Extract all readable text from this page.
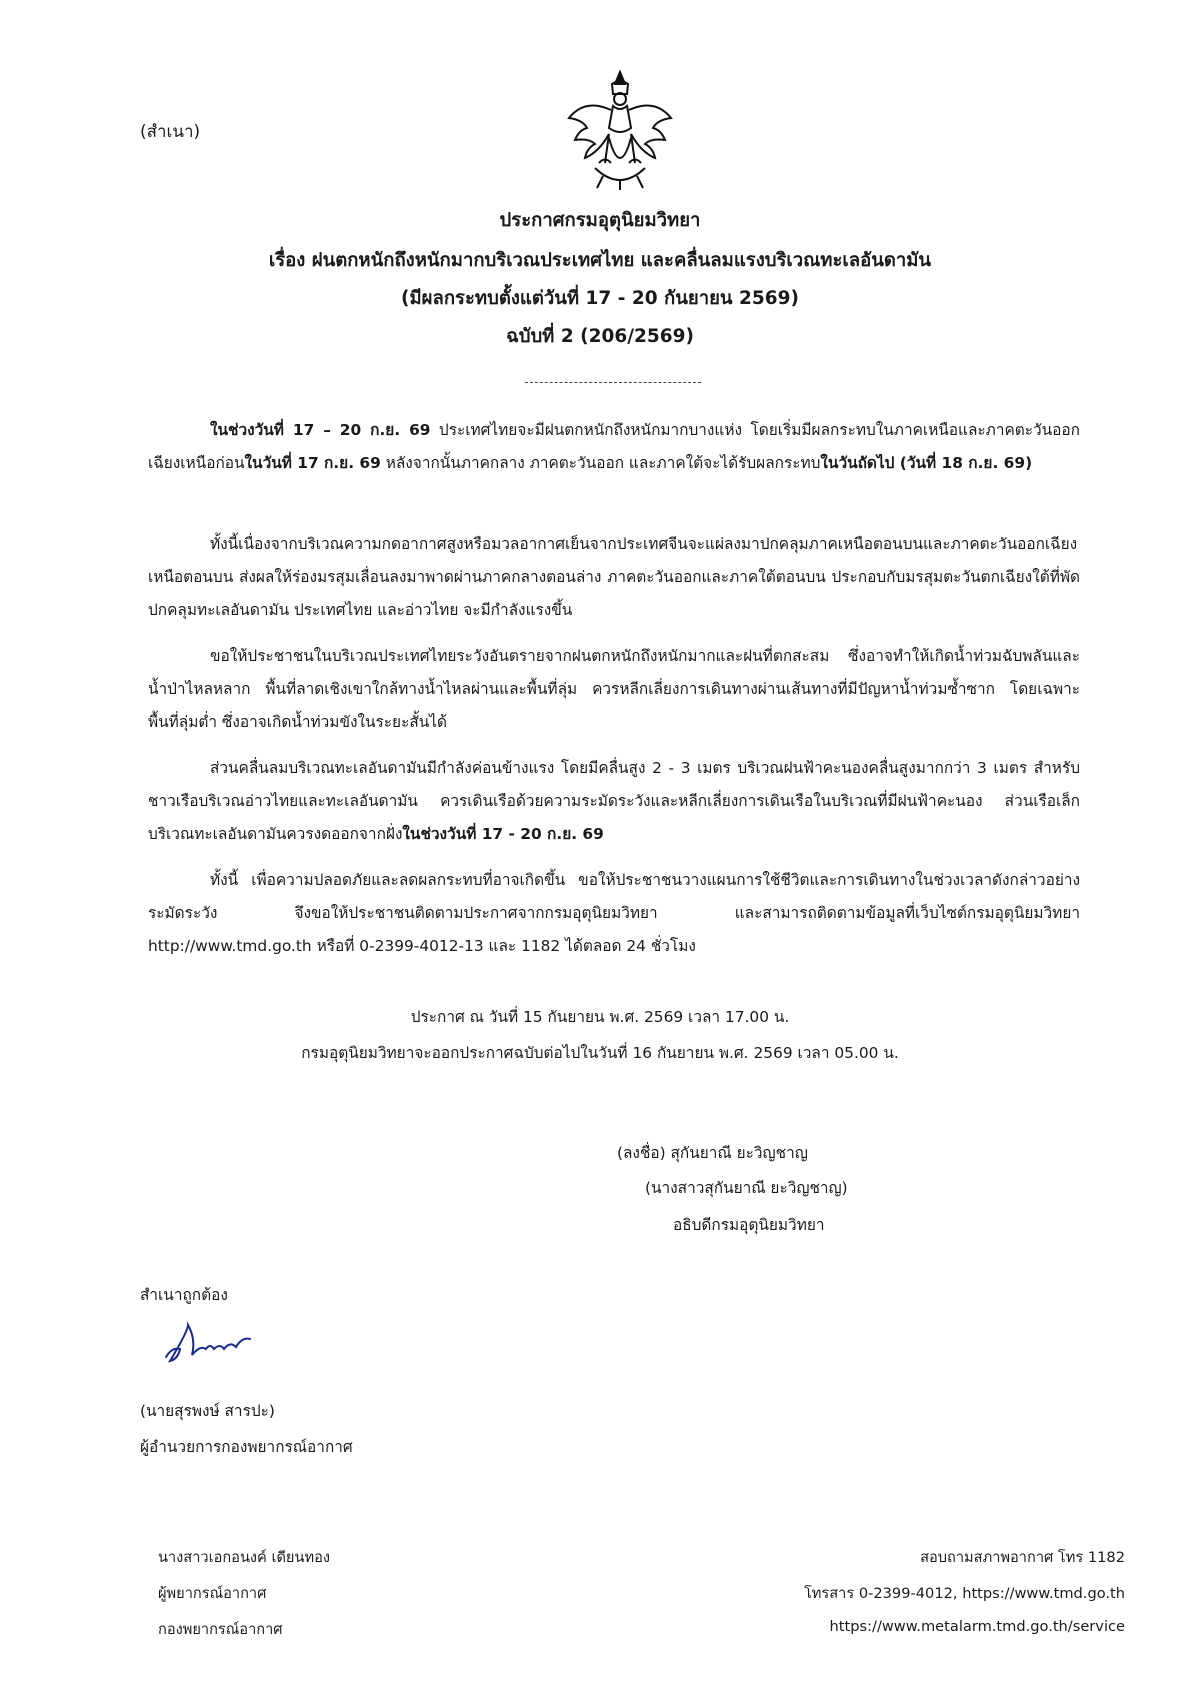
(สำเนา)

ประกาศกรมอุตุนิยมวิทยา

เรื่อง ฝนตกหนักถึงหนักมากบริเวณประเทศไทย และคลื่นลมแรงบริเวณทะเลอันดามัน

(มีผลกระทบตั้งแต่วันที่ 17 - 20 กันยายน 2569)

ฉบับที่ 2 (206/2569)

ในช่วงวันที่ 17 – 20 ก.ย. 69 ประเทศไทยจะมีฝนตกหนักถึงหนักมากบางแห่ง โดยเริ่มมีผลกระทบในภาคเหนือและภาคตะวันออกเฉียงเหนือก่อนในวันที่ 17 ก.ย. 69 หลังจากนั้นภาคกลาง ภาคตะวันออก และภาคใต้จะได้รับผลกระทบในวันถัดไป (วันที่ 18 ก.ย. 69)

ทั้งนี้เนื่องจากบริเวณความกดอากาศสูงหรือมวลอากาศเย็นจากประเทศจีนจะแผ่ลงมาปกคลุมภาคเหนือตอนบนและภาคตะวันออกเฉียงเหนือตอนบน ส่งผลให้ร่องมรสุมเลื่อนลงมาพาดผ่านภาคกลางตอนล่าง ภาคตะวันออกและภาคใต้ตอนบน ประกอบกับมรสุมตะวันตกเฉียงใต้ที่พัดปกคลุมทะเลอันดามัน ประเทศไทย และอ่าวไทย จะมีกำลังแรงขึ้น

ขอให้ประชาชนในบริเวณประเทศไทยระวังอันตรายจากฝนตกหนักถึงหนักมากและฝนที่ตกสะสม ซึ่งอาจทำให้เกิดน้ำท่วมฉับพลันและน้ำป่าไหลหลาก พื้นที่ลาดเชิงเขาใกล้ทางน้ำไหลผ่านและพื้นที่ลุ่ม ควรหลีกเลี่ยงการเดินทางผ่านเส้นทางที่มีปัญหาน้ำท่วมซ้ำซาก โดยเฉพาะพื้นที่ลุ่มต่ำ ซึ่งอาจเกิดน้ำท่วมขังในระยะสั้นได้

ส่วนคลื่นลมบริเวณทะเลอันดามันมีกำลังค่อนข้างแรง โดยมีคลื่นสูง 2 - 3 เมตร บริเวณฝนฟ้าคะนองคลื่นสูงมากกว่า 3 เมตร สำหรับชาวเรือบริเวณอ่าวไทยและทะเลอันดามัน ควรเดินเรือด้วยความระมัดระวังและหลีกเลี่ยงการเดินเรือในบริเวณที่มีฝนฟ้าคะนอง ส่วนเรือเล็กบริเวณทะเลอันดามันควรงดออกจากฝั่งในช่วงวันที่ 17 - 20 ก.ย. 69

ทั้งนี้ เพื่อความปลอดภัยและลดผลกระทบที่อาจเกิดขึ้น ขอให้ประชาชนวางแผนการใช้ชีวิตและการเดินทางในช่วงเวลาดังกล่าวอย่างระมัดระวัง จึงขอให้ประชาชนติดตามประกาศจากกรมอุตุนิยมวิทยา และสามารถติดตามข้อมูลที่เว็บไซต์กรมอุตุนิยมวิทยา http://www.tmd.go.th หรือที่ 0-2399-4012-13 และ 1182 ได้ตลอด 24 ชั่วโมง

ประกาศ ณ วันที่ 15 กันยายน พ.ศ. 2569 เวลา 17.00 น.

กรมอุตุนิยมวิทยาจะออกประกาศฉบับต่อไปในวันที่ 16 กันยายน พ.ศ. 2569 เวลา 05.00 น.

(ลงชื่อ) สุกันยาณี ยะวิญชาญ

(นางสาวสุกันยาณี ยะวิญชาญ)

อธิบดีกรมอุตุนิยมวิทยา

สำเนาถูกต้อง

(นายสุรพงษ์ สารปะ)

ผู้อำนวยการกองพยากรณ์อากาศ

นางสาวเอกอนงค์ เดียนทอง

ผู้พยากรณ์อากาศ

กองพยากรณ์อากาศ

สอบถามสภาพอากาศ โทร 1182

โทรสาร 0-2399-4012, https://www.tmd.go.th

https://www.metalarm.tmd.go.th/service
